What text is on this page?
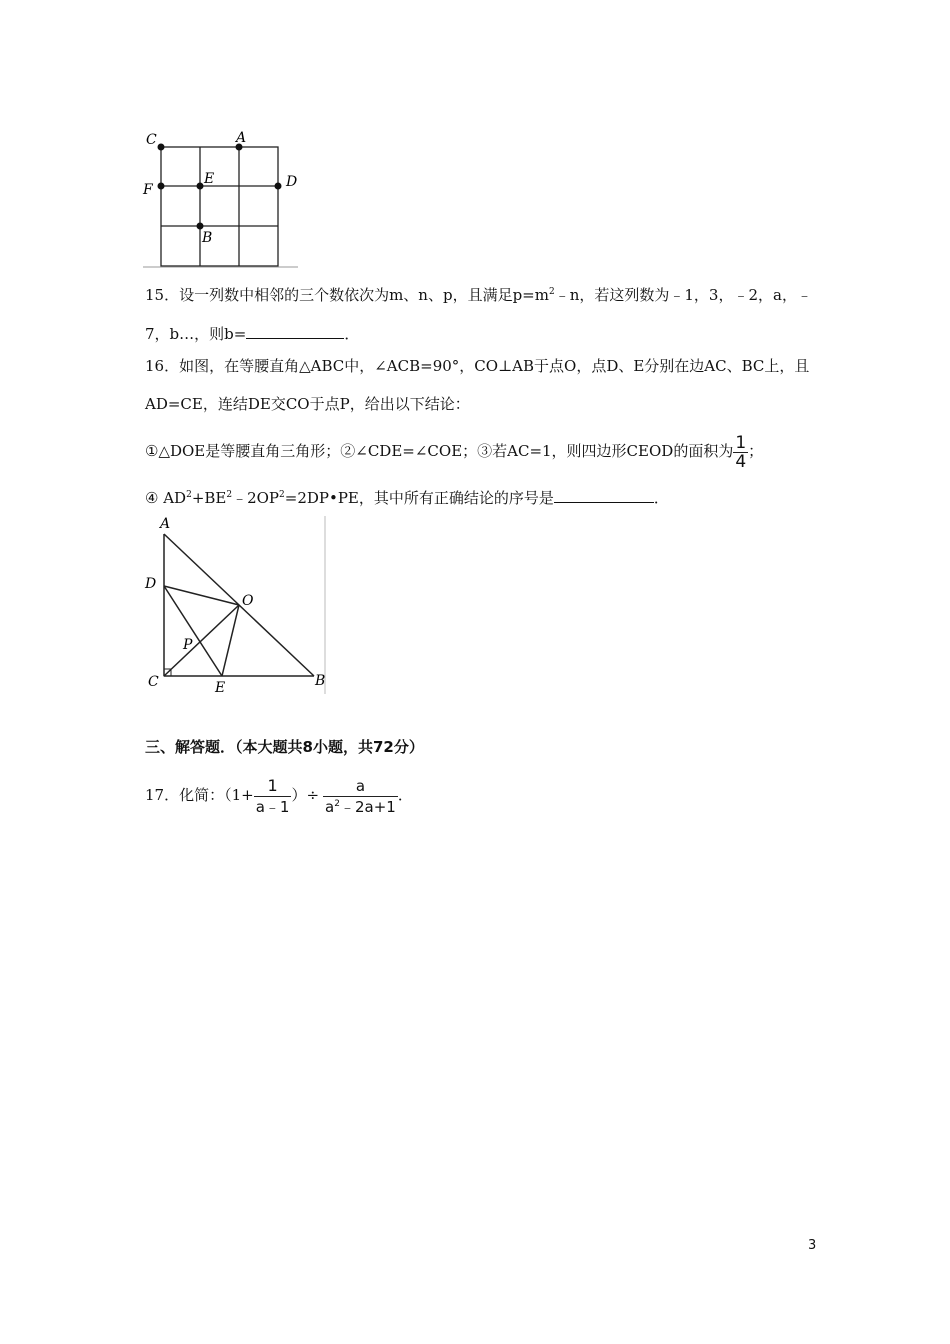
C	A
F
E	D
B
15．设一列数中相邻的三个数依次为m、n、p，且满足$p=m^2﹣n$，若这列数为﹣1，3，﹣2，a，﹣
7，b…，则b=	．
16．如图，在等腰直角△ABC中，∠ACB=90°，CO⊥AB于点O，点D、E分别在边AC、BC上，且
AD=CE，连结DE交CO于点P，给出以下结论：
①△DOE是等腰直角三角形；②∠CDE=∠COE；③若AC=1，则四边形CEOD的面积为 $\frac{1}{4}$ ；
④ $AD^2+BE^2﹣2OP^2=2DP•PE$，其中所有正确结论的序号是	．
A
D
O
P
C	E	B
三、解答题．（本大题共8小题，共72分）
17．化简：（$1+ \frac{1}{a﹣1}$ ）÷ $\frac{a}{a^2﹣2a+1}$ ．
3
